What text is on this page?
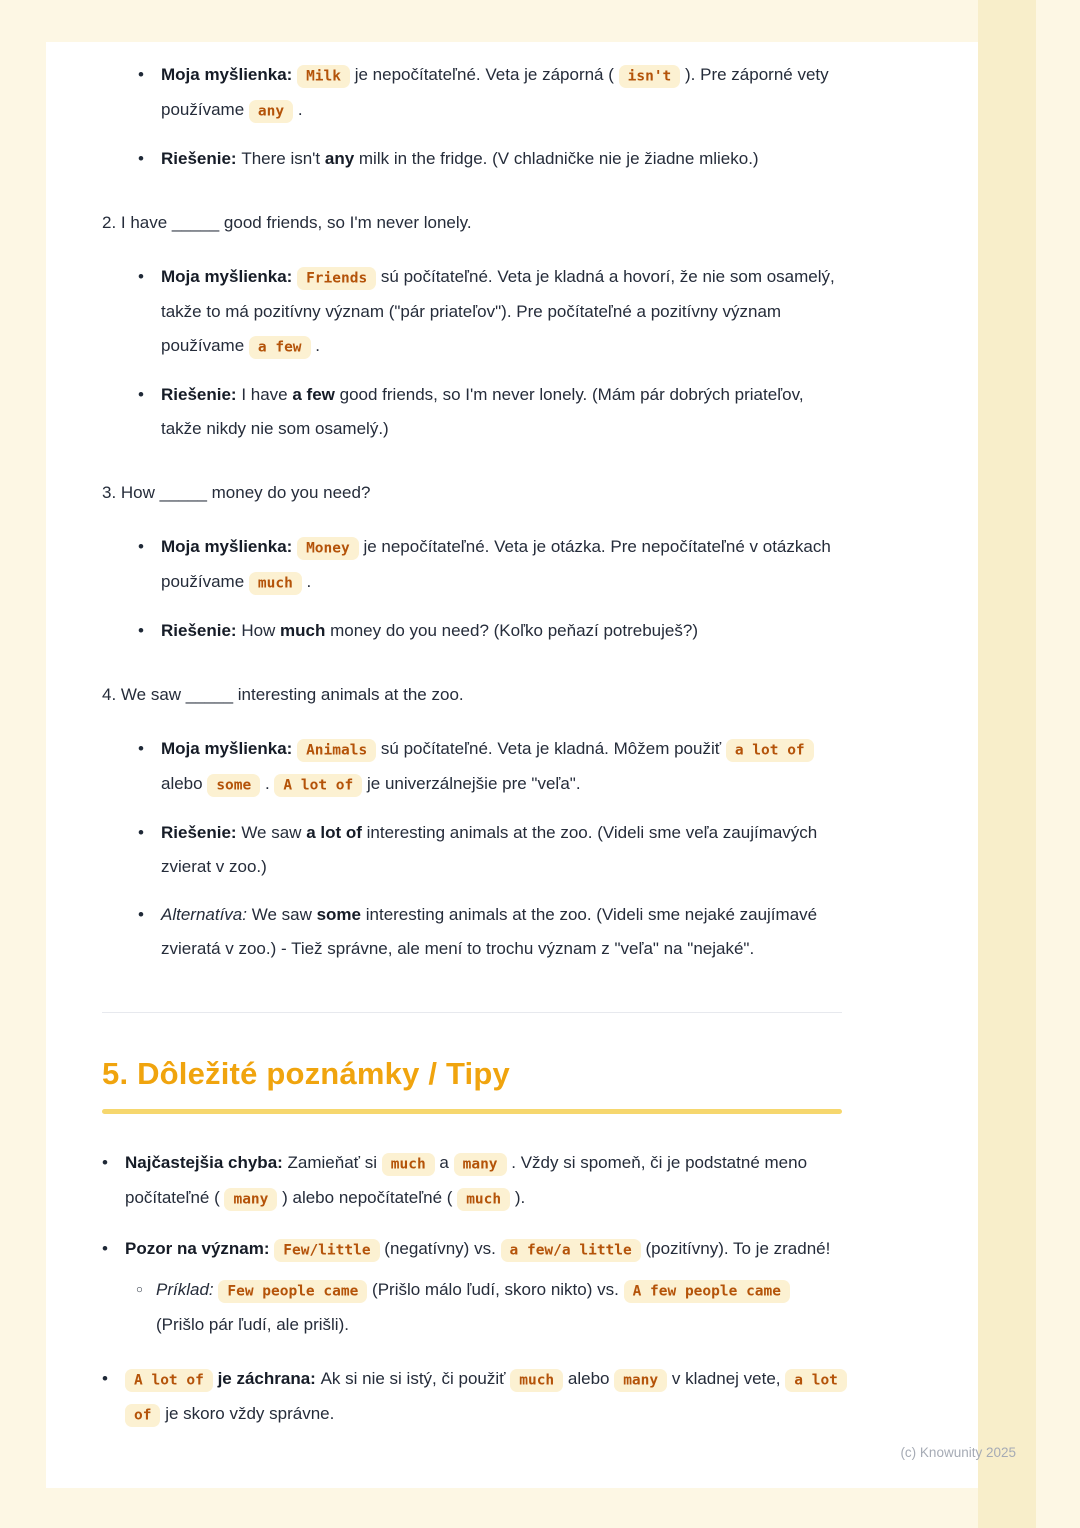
•	Moja myšlienka: Milk je nepočítateľné. Veta je záporná ( isn't ). Pre záporné vety používame any .

•	Riešenie: There isn't any milk in the fridge. (V chladničke nie je žiadne mlieko.)

2. I have _____ good friends, so I'm never lonely.

•	Moja myšlienka: Friends sú počítateľné. Veta je kladná a hovorí, že nie som osamelý, takže to má pozitívny význam ("pár priateľov"). Pre počítateľné a pozitívny význam používame a few .

•	Riešenie: I have a few good friends, so I'm never lonely. (Mám pár dobrých priateľov, takže nikdy nie som osamelý.)

3. How _____ money do you need?

•	Moja myšlienka: Money je nepočítateľné. Veta je otázka. Pre nepočítateľné v otázkach používame much .

•	Riešenie: How much money do you need? (Koľko peňazí potrebuješ?)

4. We saw _____ interesting animals at the zoo.

•	Moja myšlienka: Animals sú počítateľné. Veta je kladná. Môžem použiť a lot of alebo some . A lot of je univerzálnejšie pre "veľa".

•	Riešenie: We saw a lot of interesting animals at the zoo. (Videli sme veľa zaujímavých zvierat v zoo.)

•	Alternatíva: We saw some interesting animals at the zoo. (Videli sme nejaké zaujímavé zvieratá v zoo.) - Tiež správne, ale mení to trochu význam z "veľa" na "nejaké".

5. Dôležité poznámky / Tipy
•	Najčastejšia chyba: Zamieňať si much a many . Vždy si spomeň, či je podstatné meno počítateľné ( many ) alebo nepočítateľné ( much ).

•	Pozor na význam: Few/little (negatívny) vs. a few/a little (pozitívny). To je zradné!

○ Príklad: Few people came (Prišlo málo ľudí, skoro nikto) vs. A few people came (Prišlo pár ľudí, ale prišli).

•	A lot of je záchrana: Ak si nie si istý, či použiť much alebo many v kladnej vete, a lot of je skoro vždy správne.

(c) Knowunity 2025
